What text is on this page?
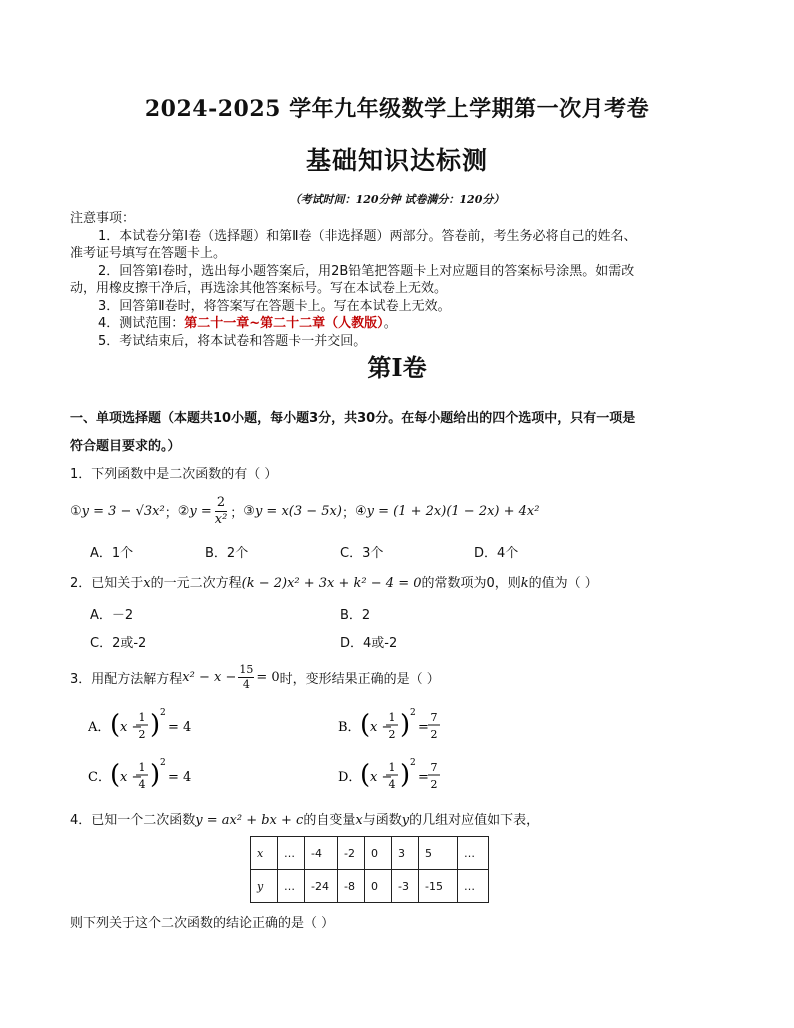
2024-2025 学年九年级数学上学期第一次月考卷
基础知识达标测
（考试时间：120分钟 试卷满分：120分）
注意事项：
1．本试卷分第Ⅰ卷（选择题）和第Ⅱ卷（非选择题）两部分。答卷前，考生务必将自己的姓名、
准考证号填写在答题卡上。
2．回答第Ⅰ卷时，选出每小题答案后，用2B铅笔把答题卡上对应题目的答案标号涂黑。如需改
动，用橡皮擦干净后，再选涂其他答案标号。写在本试卷上无效。
3．回答第Ⅱ卷时，将答案写在答题卡上。写在本试卷上无效。
4．测试范围：第二十一章~第二十二章（人教版）。
5．考试结束后，将本试卷和答题卡一并交回。
第Ⅰ卷
一、单项选择题（本题共10小题，每小题3分，共30分。在每小题给出的四个选项中，只有一项是
符合题目要求的。）
1．下列函数中是二次函数的有（ ）
① y = 3 − √3x² ； ② $y = \frac{2}{\text{x²}}$ ； ③ y = x(3 − 5x) ； ④ y = (1 + 2x)(1 − 2x) + 4x²
A．1个	B．2个	C．3个	D．4个
2．已知关于x的一元二次方程(k − 2)x² + 3x + k² − 4 = 0的常数项为0，则k的值为（ ）
A．－2	B．2
C．2或-2	D．4或-2
3．用配方法解方程 $x^2 - x - \frac{15}{4} = 0$ 时，变形结果正确的是（ ）
A． ( x −
1
2 ) 2
= 4	B． ( x −
1
2 ) 2
=
7
2
C． ( x −
1
4 ) 2
= 4	D．
( x −
1
4 ) 2
=
7
2
4．已知一个二次函数y = ax² + bx + c的自变量x与函数y的几组对应值如下表，
x	…	-4	-2	0	3	5	…
y	…	-24	-8	0	-3	-15	…
则下列关于这个二次函数的结论正确的是（ ）
